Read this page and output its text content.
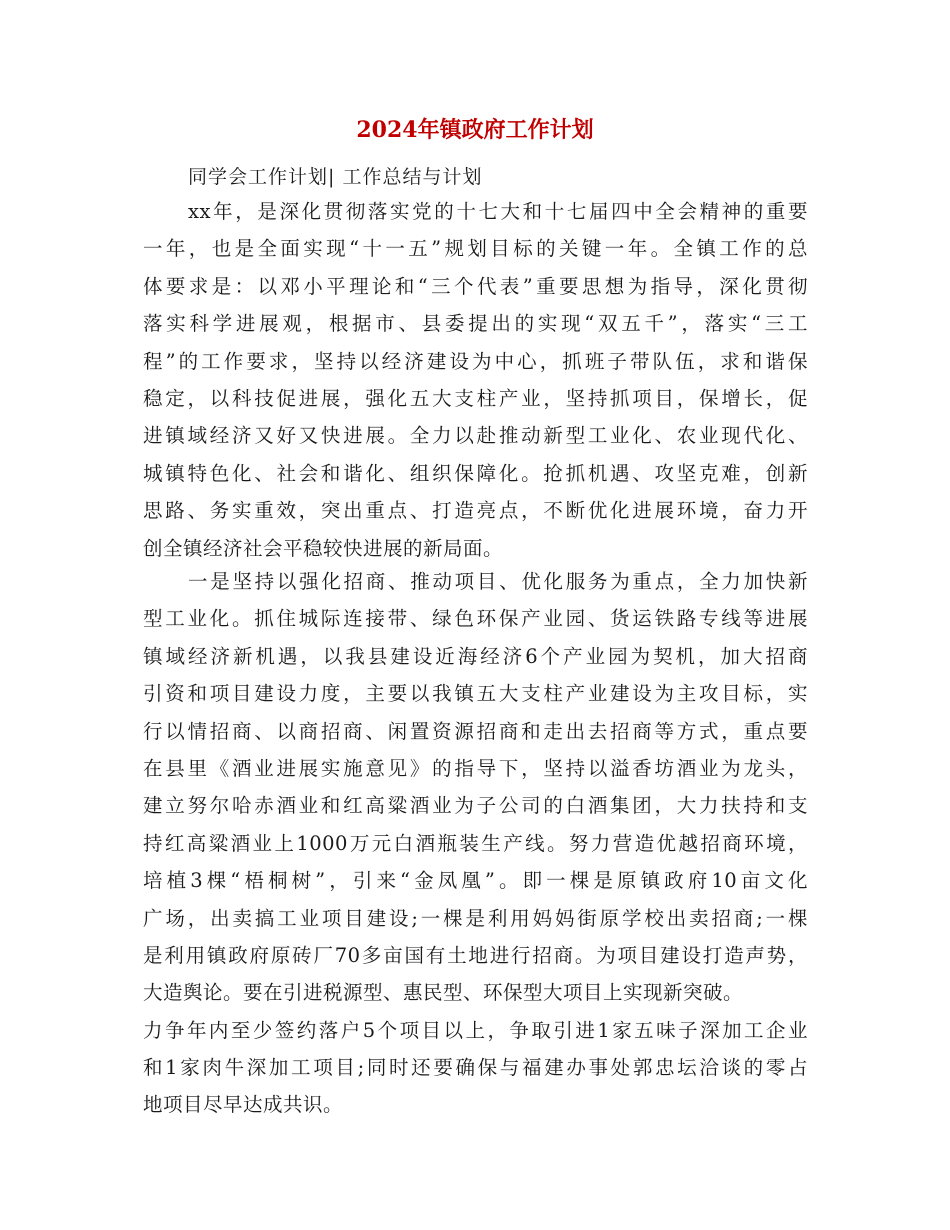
2024年镇政府工作计划
同学会工作计划| 工作总结与计划
xx年，是深化贯彻落实党的十七大和十七届四中全会精神的重要
一年，也是全面实现“十一五”规划目标的关键一年。全镇工作的总
体要求是：以邓小平理论和“三个代表”重要思想为指导，深化贯彻
落实科学进展观，根据市、县委提出的实现“双五千”，落实“三工
程”的工作要求，坚持以经济建设为中心，抓班子带队伍，求和谐保
稳定，以科技促进展，强化五大支柱产业，坚持抓项目，保增长，促
进镇域经济又好又快进展。全力以赴推动新型工业化、农业现代化、
城镇特色化、社会和谐化、组织保障化。抢抓机遇、攻坚克难，创新
思路、务实重效，突出重点、打造亮点，不断优化进展环境，奋力开
创全镇经济社会平稳较快进展的新局面。
一是坚持以强化招商、推动项目、优化服务为重点，全力加快新
型工业化。抓住城际连接带、绿色环保产业园、货运铁路专线等进展
镇域经济新机遇，以我县建设近海经济6个产业园为契机，加大招商
引资和项目建设力度，主要以我镇五大支柱产业建设为主攻目标，实
行以情招商、以商招商、闲置资源招商和走出去招商等方式，重点要
在县里《酒业进展实施意见》的指导下，坚持以溢香坊酒业为龙头，
建立努尔哈赤酒业和红高粱酒业为子公司的白酒集团，大力扶持和支
持红高粱酒业上1000万元白酒瓶装生产线。努力营造优越招商环境，
培植3棵“梧桐树”，引来“金凤凰”。即一棵是原镇政府10亩文化
广场，出卖搞工业项目建设;一棵是利用妈妈街原学校出卖招商;一棵
是利用镇政府原砖厂70多亩国有土地进行招商。为项目建设打造声势，
大造舆论。要在引进税源型、惠民型、环保型大项目上实现新突破。
力争年内至少签约落户5个项目以上，争取引进1家五味子深加工企业
和1家肉牛深加工项目;同时还要确保与福建办事处郭忠坛洽谈的零占
地项目尽早达成共识。
